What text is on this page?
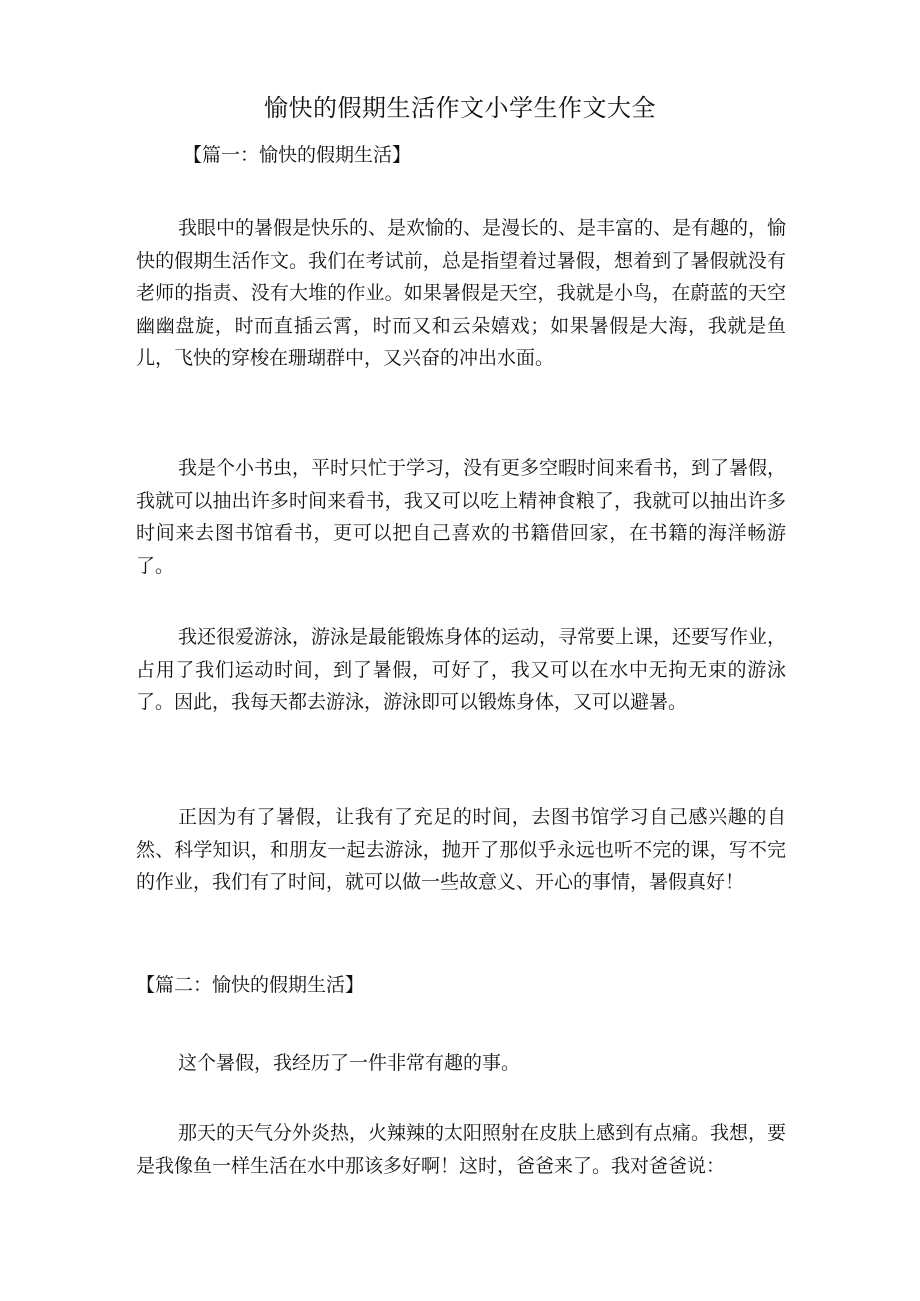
愉快的假期生活作文小学生作文大全
【篇一：愉快的假期生活】

我眼中的暑假是快乐的、是欢愉的、是漫长的、是丰富的、是有趣的，愉快的假期生活作文。我们在考试前，总是指望着过暑假，想着到了暑假就没有老师的指责、没有大堆的作业。如果暑假是天空，我就是小鸟，在蔚蓝的天空幽幽盘旋，时而直插云霄，时而又和云朵嬉戏；如果暑假是大海，我就是鱼儿，飞快的穿梭在珊瑚群中，又兴奋的冲出水面。

我是个小书虫，平时只忙于学习，没有更多空暇时间来看书，到了暑假，我就可以抽出许多时间来看书，我又可以吃上精神食粮了，我就可以抽出许多时间来去图书馆看书，更可以把自己喜欢的书籍借回家，在书籍的海洋畅游了。

我还很爱游泳，游泳是最能锻炼身体的运动，寻常要上课，还要写作业，占用了我们运动时间，到了暑假，可好了，我又可以在水中无拘无束的游泳了。因此，我每天都去游泳，游泳即可以锻炼身体，又可以避暑。

正因为有了暑假，让我有了充足的时间，去图书馆学习自己感兴趣的自然、科学知识，和朋友一起去游泳，抛开了那似乎永远也听不完的课，写不完的作业，我们有了时间，就可以做一些故意义、开心的事情，暑假真好！

【篇二：愉快的假期生活】

这个暑假，我经历了一件非常有趣的事。

那天的天气分外炎热，火辣辣的太阳照射在皮肤上感到有点痛。我想，要是我像鱼一样生活在水中那该多好啊！这时，爸爸来了。我对爸爸说：
